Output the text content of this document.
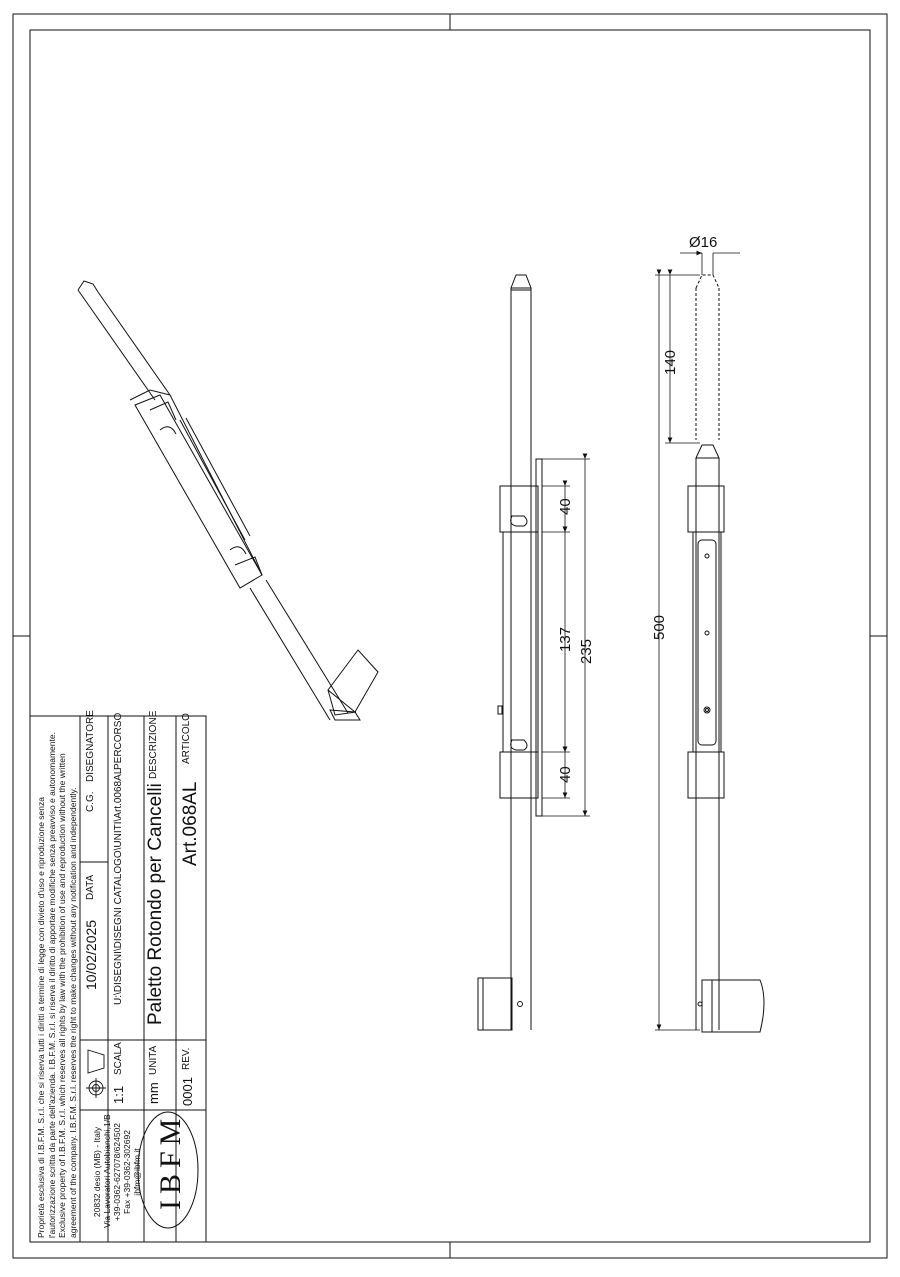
40
137 235
40
Ø16
140
500
ARTICOLO
Art.068AL
DESCRIZIONE
Paletto Rotondo per Cancelli
PERCORSO
U:\DISEGNI\DISEGNI CATALOGO\UNITI\Art.0068AL
DISEGNATORE
C.G.
DATA
10/02/2025
REV.
0001
UNITA
mm
SCALA
1:1
Proprietà esclusiva di I.B.F.M. S.r.l. che si riserva tutti i diritti a termine di legge con divieto d'uso e riproduzione senza l'autorizzazione scritta da parte dell'azienda. I.B.F.M. S.r.l. si riserva il diritto di apportare modifiche senza preavviso e autonomamente. Exclusive property of I.B.F.M. S.r.l. which reserves all rights by law with the prohibition of use and reproduction without the written agreement of the company. I.B.F.M. S.r.l. reserves the right to make changes without any notification and independently.	IBFM
20832 desio (MB) - Italy Via Lavoratori Autobianchi,1/B +39-0362-627078/624502 Fax +39-0362-302692 ibfm@ibfm.it
